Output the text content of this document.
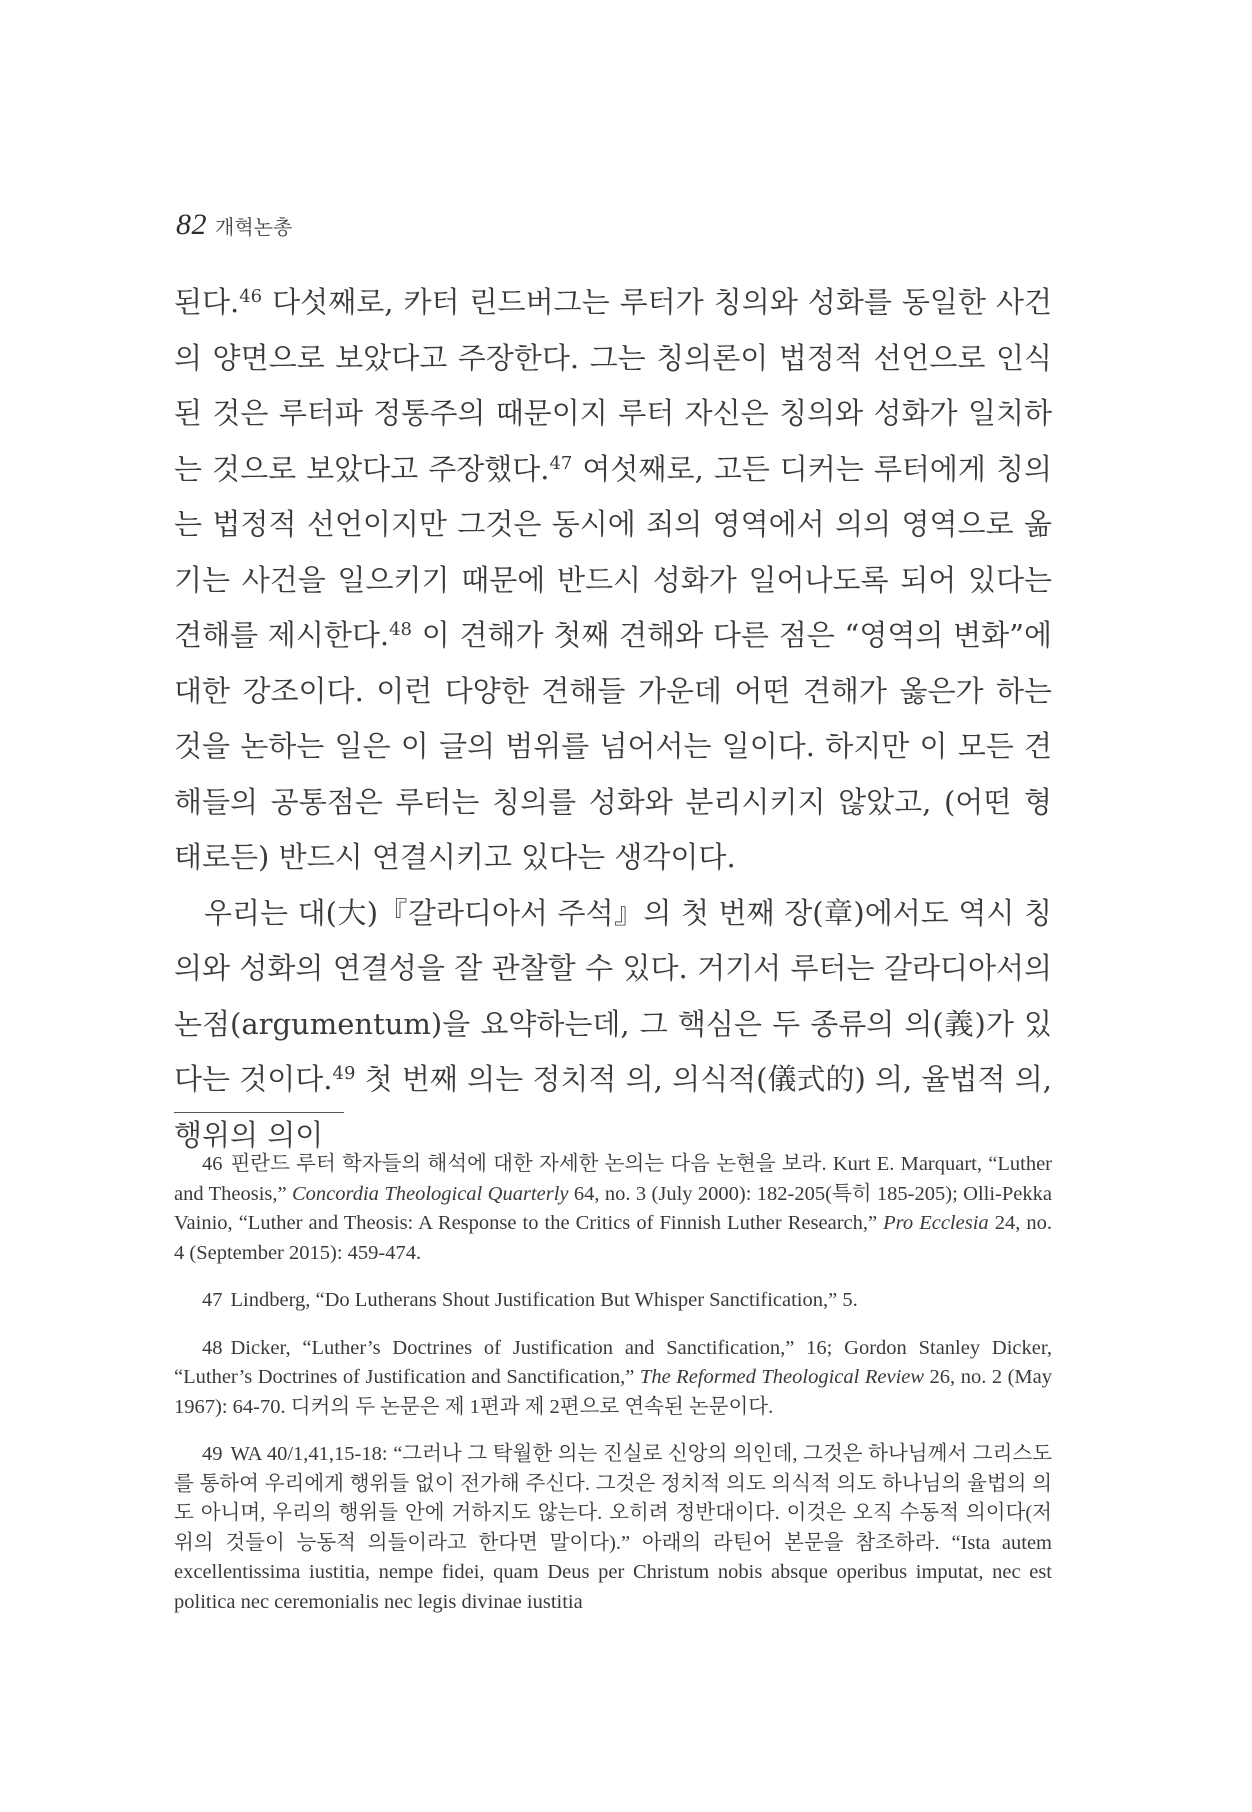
82 개혁논총

된다.$^{46}$ 다섯째로, 카터 린드버그는 루터가 칭의와 성화를 동일한 사건의 양면으로 보았다고 주장한다. 그는 칭의론이 법정적 선언으로 인식된 것은 루터파 정통주의 때문이지 루터 자신은 칭의와 성화가 일치하는 것으로 보았다고 주장했다.$^{47}$ 여섯째로, 고든 디커는 루터에게 칭의는 법정적 선언이지만 그것은 동시에 죄의 영역에서 의의 영역으로 옮기는 사건을 일으키기 때문에 반드시 성화가 일어나도록 되어 있다는 견해를 제시한다.$^{48}$ 이 견해가 첫째 견해와 다른 점은 “영역의 변화”에 대한 강조이다. 이런 다양한 견해들 가운데 어떤 견해가 옳은가 하는 것을 논하는 일은 이 글의 범위를 넘어서는 일이다. 하지만 이 모든 견해들의 공통점은 루터는 칭의를 성화와 분리시키지 않았고, (어떤 형태로든) 반드시 연결시키고 있다는 생각이다.

우리는 대(大)『갈라디아서 주석』의 첫 번째 장(章)에서도 역시 칭의와 성화의 연결성을 잘 관찰할 수 있다. 거기서 루터는 갈라디아서의 논점(argumentum)을 요약하는데, 그 핵심은 두 종류의 의(義)가 있다는 것이다.$^{49}$ 첫 번째 의는 정치적 의, 의식적(儀式的) 의, 율법적 의, 행위의 의이

46 핀란드 루터 학자들의 해석에 대한 자세한 논의는 다음 논현을 보라. Kurt E. Marquart, “Luther and Theosis,” Concordia Theological Quarterly 64, no. 3 (July 2000): 182-205(특히 185-205); Olli-Pekka Vainio, “Luther and Theosis: A Response to the Critics of Finnish Luther Research,” Pro Ecclesia 24, no. 4 (September 2015): 459-474.

47 Lindberg, “Do Lutherans Shout Justification But Whisper Sanctification,” 5.

48 Dicker, “Luther’s Doctrines of Justification and Sanctification,” 16; Gordon Stanley Dicker, “Luther’s Doctrines of Justification and Sanctification,” The Reformed Theological Review 26, no. 2 (May 1967): 64-70. 디커의 두 논문은 제 1편과 제 2편으로 연속된 논문이다.

49 WA 40/1,41,15-18: “그러나 그 탁월한 의는 진실로 신앙의 의인데, 그것은 하나님께서 그리스도를 통하여 우리에게 행위들 없이 전가해 주신다. 그것은 정치적 의도 의식적 의도 하나님의 율법의 의도 아니며, 우리의 행위들 안에 거하지도 않는다. 오히려 정반대이다. 이것은 오직 수동적 의이다(저 위의 것들이 능동적 의들이라고 한다면 말이다).” 아래의 라틴어 본문을 참조하라. “Ista autem excellentissima iustitia, nempe fidei, quam Deus per Christum nobis absque operibus imputat, nec est politica nec ceremonialis nec legis divinae iustitia
